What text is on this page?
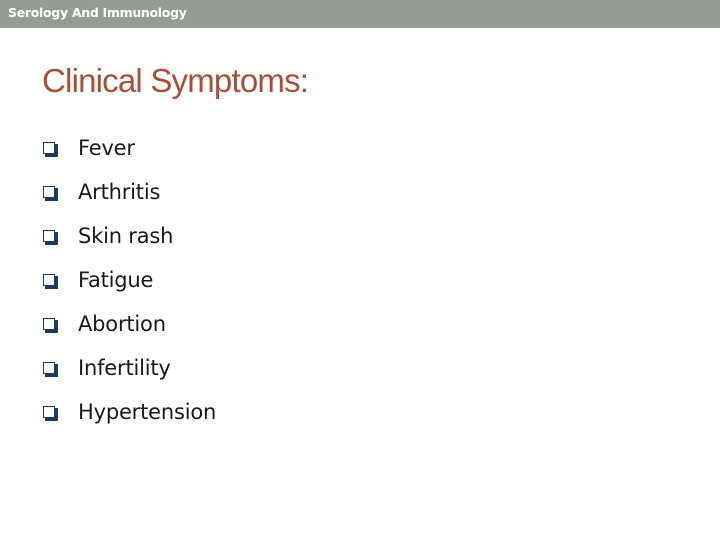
Serology And Immunology
Clinical Symptoms:
Fever
Arthritis
Skin rash
Fatigue
Abortion
Infertility
Hypertension
